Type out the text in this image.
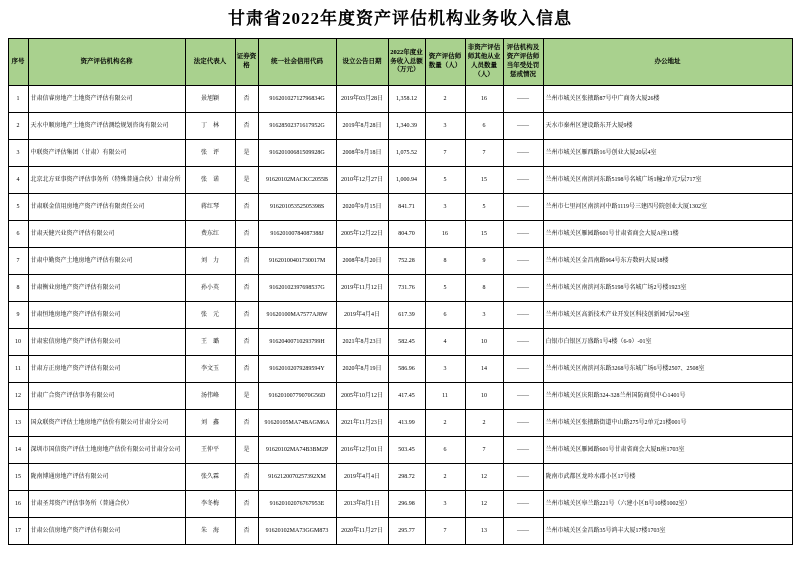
甘肃省2022年度资产评估机构业务收入信息
序号	资产评估机构名称	法定代表人	证券资格	统一社会信用代码	设立公告日期	2022年度业务收入总额（万元）	资产评估师数量（人）	非资产评估师其他从业人员数量（人）	评估机构及资产评估师当年受处罚惩戒情况	办公地址
1	甘肃信睿房地产土地资产评估有限公司	景旭颖	否	91620102712796834G	2019年03月28日	1,358.12	2	16	——	兰州市城关区张掖路87号中广商务大厦26楼
2	天水中顺房地产土地资产评估测绘规划咨询有限公司	丁　林	否	91628502371617952G	2019年8月28日	1,340.39	3	6	——	天水市秦州区建设路东开大厦9楼
3	中联资产评估集团（甘肃）有限公司	张　评	是	91620100681509928G	2008年9月18日	1,075.52	7	7	——	兰州市城关区雁西路16号创业大厦20层4室
4	北京北方亚事资产评估事务所（特殊普通合伙）甘肃分所	张　诺	是	91620102MACKC2055B	2010年12月27日	1,000.94	5	15	——	兰州市城关区南滨河东路5198号名城广场1幢2单元7层717室
5	甘肃联金信用房地产资产评估有限责任公司	蒋红琴	否	91620105352505398S	2020年9月15日	841.71	3	5	——	兰州市七里河区南滨河中路1119号三建四号院创业大厦1302室
6	甘肃天健兴业资产评估有限公司	费东红	否	91620100784087388J	2005年12月22日	804.70	16	15	——	兰州市城关区雁园路601号甘肃省商会大厦A座11楼
7	甘肃中勤资产土地房地产评估有限公司	刘　力	否	91620100401730017M	2008年8月20日	752.28	8	9	——	兰州市城关区金昌南路964号东方数码大厦18楼
8	甘肃衡业房地产资产评估有限公司	孙小英	否	91620102397698537G	2019年11月12日	731.76	5	8	——	兰州市城关区南滨河东路5198号名城广场2号楼1923室
9	甘肃恒地房地产资产评估有限公司	张　元	否	91620100MA7577AJ8W	2019年4月4日	617.39	6	3	——	兰州市城关区高新技术产业开发区科技创新园7层704室
10	甘肃宏信房地产资产评估有限公司	王　璐	否	91620400710293799H	2021年8月23日	582.45	4	10	——	白银市白银区万盛路1号4楼（6-9）-01室
11	甘肃方正房地产资产评估有限公司	李文玉	否	91620102079289594Y	2020年8月19日	586.96	3	14	——	兰州市城关区南滨河东路3268号东城广场6号楼2507、2508室
12	甘肃广合资产评估事务有限公司	汤伟峰	是	91620100779070G56D	2005年10月12日	417.45	11	10	——	兰州市城关区庆阳路324-328兰州国防商贸中心1401号
13	国众联资产评估土地房地产估价有限公司甘肃分公司	刘　鑫	否	91620105MA74BAGM6A	2021年11月23日	413.99	2	2	——	兰州市城关区张掖路街道中山路275号2单元21楼001号
14	深圳市国信资产评估土地房地产估价有限公司甘肃分公司	王仲平	是	91620102MA74B3BM2P	2016年12月01日	503.45	6	7	——	兰州市城关区雁园路601号甘肃省商会大厦B座1703室
15	陇南博通房地产评估有限公司	张久霖	否	9162120070257392XM	2019年4月4日	298.72	2	12	——	陇南市武都区龙吟水郡小区17号楼
16	甘肃圣邦资产评估事务所（普通合伙）	李冬梅	否	91620102076767953E	2013年8月1日	296.98	3	12	——	兰州市城关区皋兰路221号（六建小区B号10楼1002室）
17	甘肃公信房地产资产评估有限公司	朱　海	否	91620102MA73GGM873	2020年11月27日	295.77	7	13	——	兰州市城关区金昌路35号鸿丰大厦17楼1703室
